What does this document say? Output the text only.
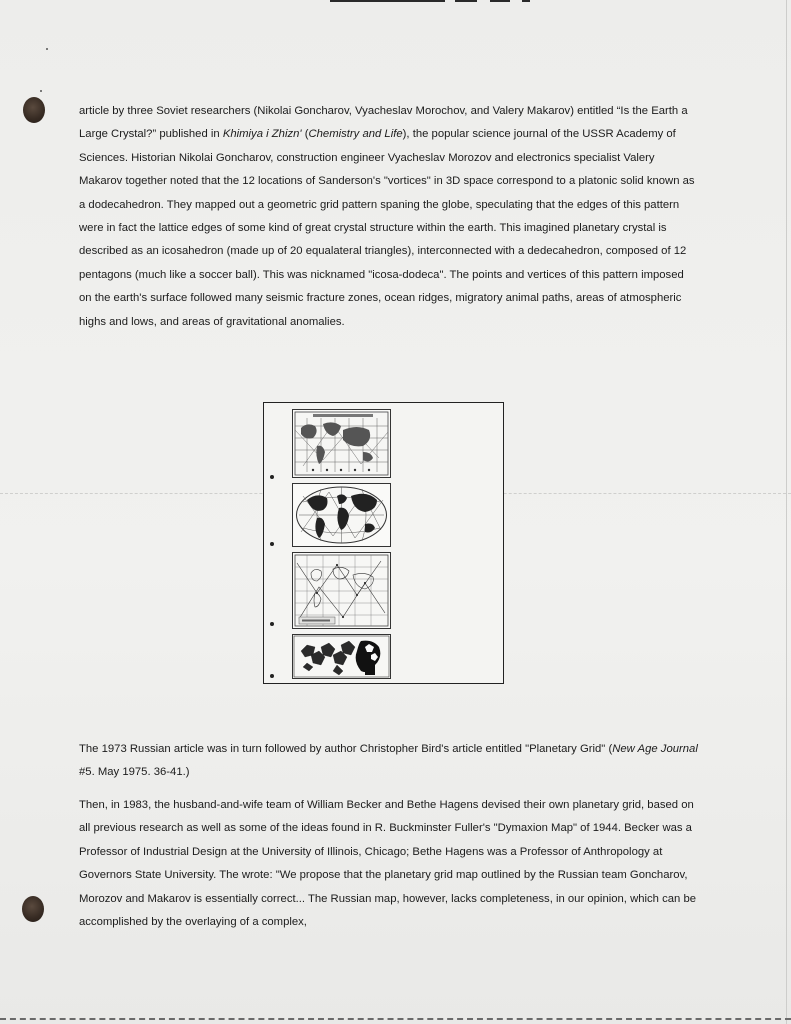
article by three Soviet researchers (Nikolai Goncharov, Vyacheslav Morochov, and Valery Makarov) entitled “Is the Earth a Large Crystal?” published in Khimiya i Zhizn' (Chemistry and Life), the popular science journal of the USSR Academy of Sciences. Historian Nikolai Goncharov, construction engineer Vyacheslav Morozov and electronics specialist Valery Makarov together noted that the 12 locations of Sanderson's "vortices" in 3D space correspond to a platonic solid known as a dodecahedron. They mapped out a geometric grid pattern spaning the globe, speculating that the edges of this pattern were in fact the lattice edges of some kind of great crystal structure within the earth. This imagined planetary crystal is described as an icosahedron (made up of 20 equalateral triangles), interconnected with a dedecahedron, composed of 12 pentagons (much like a soccer ball). This was nicknamed "icosa-dodeca". The points and vertices of this pattern imposed on the earth's surface followed many seismic fracture zones, ocean ridges, migratory animal paths, areas of atmospheric highs and lows, and areas of gravitational anomalies.

The 1973 Russian article was in turn followed by author Christopher Bird's article entitled "Planetary Grid" (New Age Journal #5. May 1975. 36-41.)

Then, in 1983, the husband-and-wife team of William Becker and Bethe Hagens devised their own planetary grid, based on all previous research as well as some of the ideas found in R. Buckminster Fuller's "Dymaxion Map" of 1944. Becker was a Professor of Industrial Design at the University of Illinois, Chicago; Bethe Hagens was a Professor of Anthropology at Governors State University. The wrote: "We propose that the planetary grid map outlined by the Russian team Goncharov, Morozov and Makarov is essentially correct... The Russian map, however, lacks completeness, in our opinion, which can be accomplished by the overlaying of a complex,
